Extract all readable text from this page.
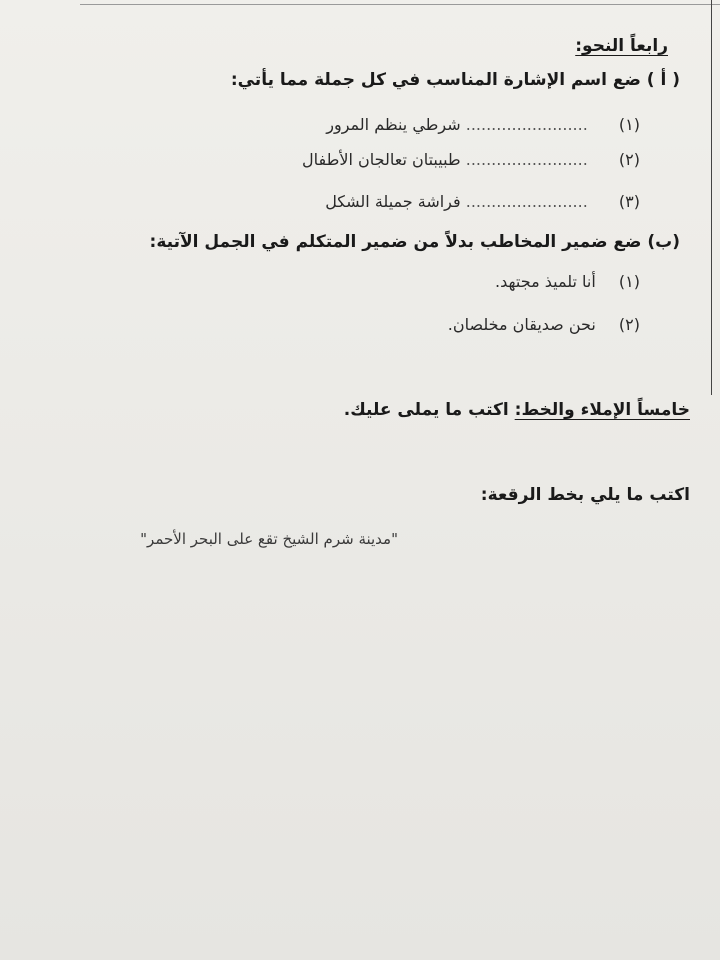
رابعاً النحو:
( أ ) ضع اسم الإشارة المناسب في كل جملة مما يأتي:
(١) ........................ شرطي ينظم المرور
(٢) ........................ طبيبتان تعالجان الأطفال
(٣) ........................ فراشة جميلة الشكل
(ب) ضع ضمير المخاطب بدلاً من ضمير المتكلم في الجمل الآتية:
(١) أنا تلميذ مجتهد.
(٢) نحن صديقان مخلصان.
خامساً الإملاء والخط: اكتب ما يملى عليك.
اكتب ما يلي بخط الرقعة:
"مدينة شرم الشيخ تقع على البحر الأحمر"
